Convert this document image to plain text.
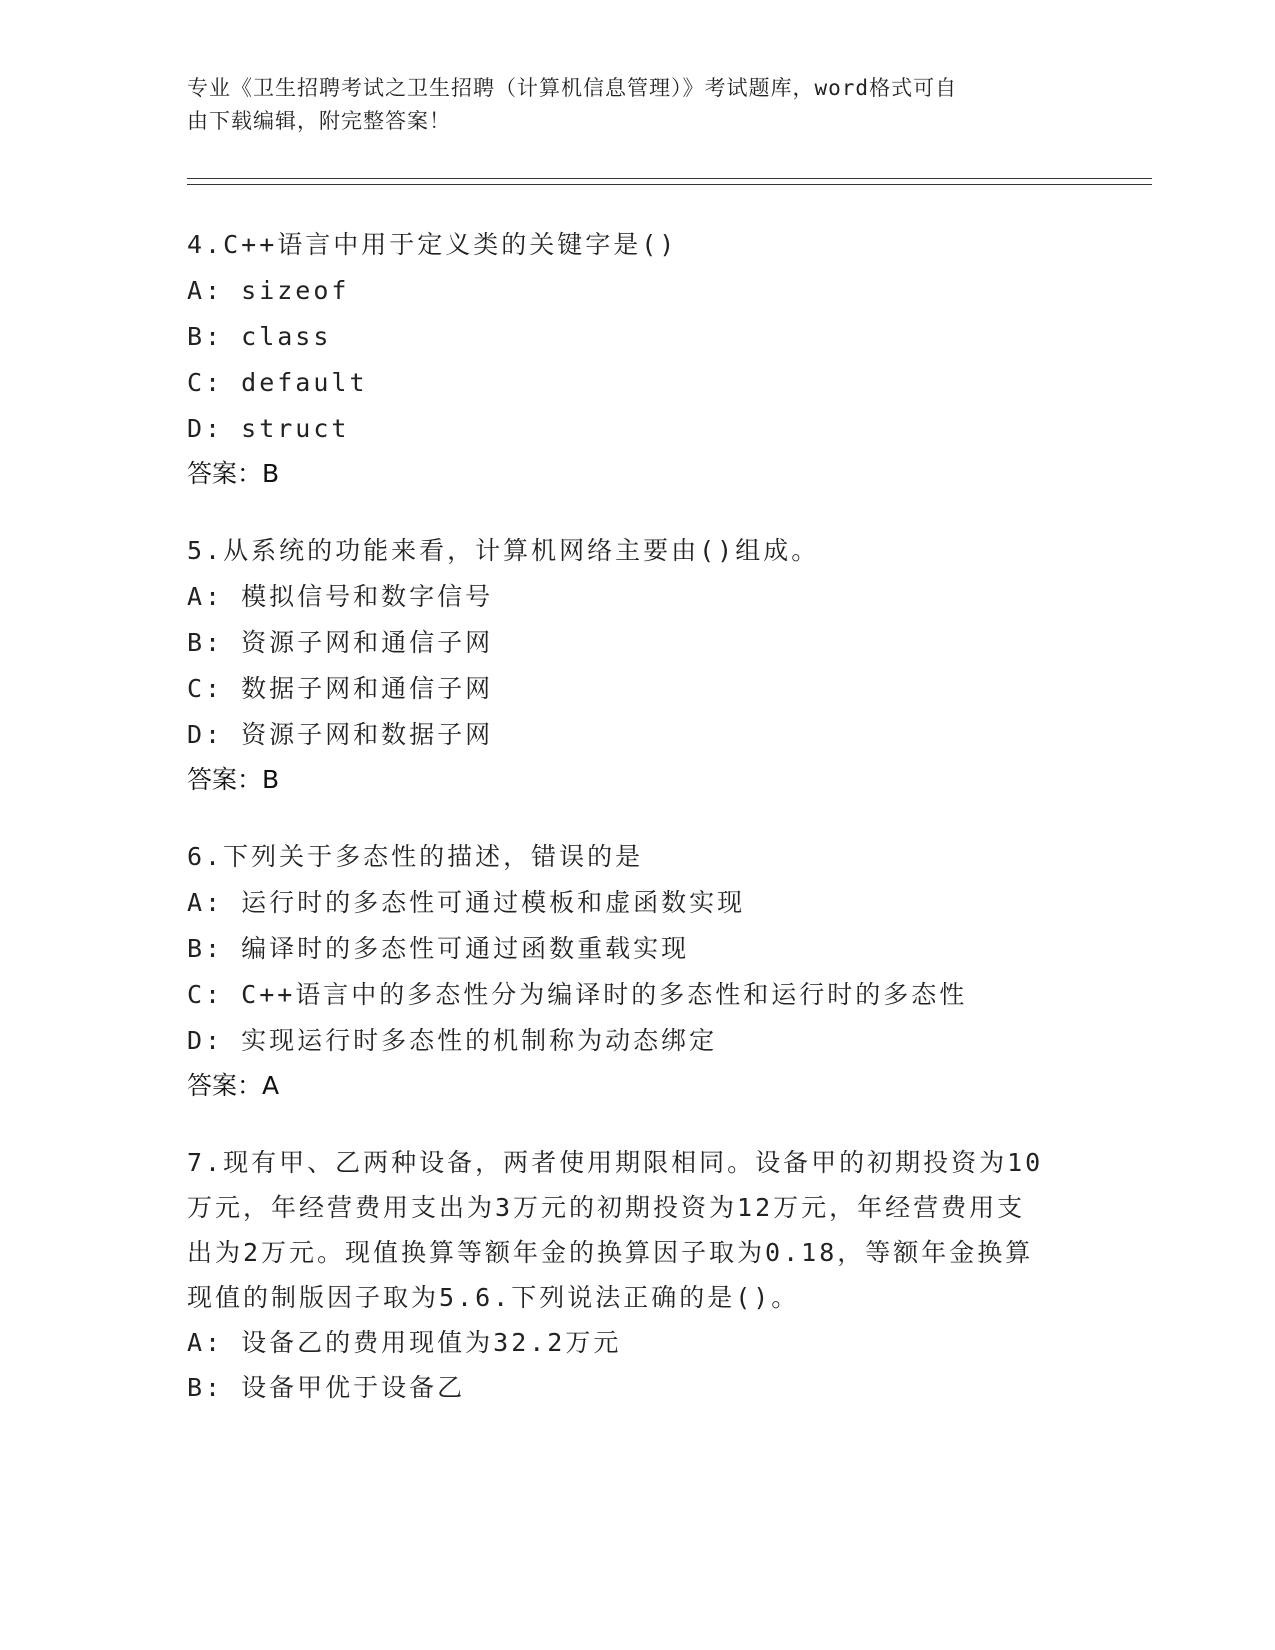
专业《卫生招聘考试之卫生招聘（计算机信息管理）》考试题库，word格式可自
由下载编辑，附完整答案！
4.C++语言中用于定义类的关键字是()
A: sizeof
B: class
C: default
D: struct
答案：B
5.从系统的功能来看，计算机网络主要由()组成。
A: 模拟信号和数字信号
B: 资源子网和通信子网
C: 数据子网和通信子网
D: 资源子网和数据子网
答案：B
6.下列关于多态性的描述，错误的是
A: 运行时的多态性可通过模板和虚函数实现
B: 编译时的多态性可通过函数重载实现
C: C++语言中的多态性分为编译时的多态性和运行时的多态性
D: 实现运行时多态性的机制称为动态绑定
答案：A
7.现有甲、乙两种设备，两者使用期限相同。设备甲的初期投资为10
万元，年经营费用支出为3万元的初期投资为12万元，年经营费用支
出为2万元。现值换算等额年金的换算因子取为0.18，等额年金换算
现值的制版因子取为5.6.下列说法正确的是()。
A: 设备乙的费用现值为32.2万元
B: 设备甲优于设备乙
